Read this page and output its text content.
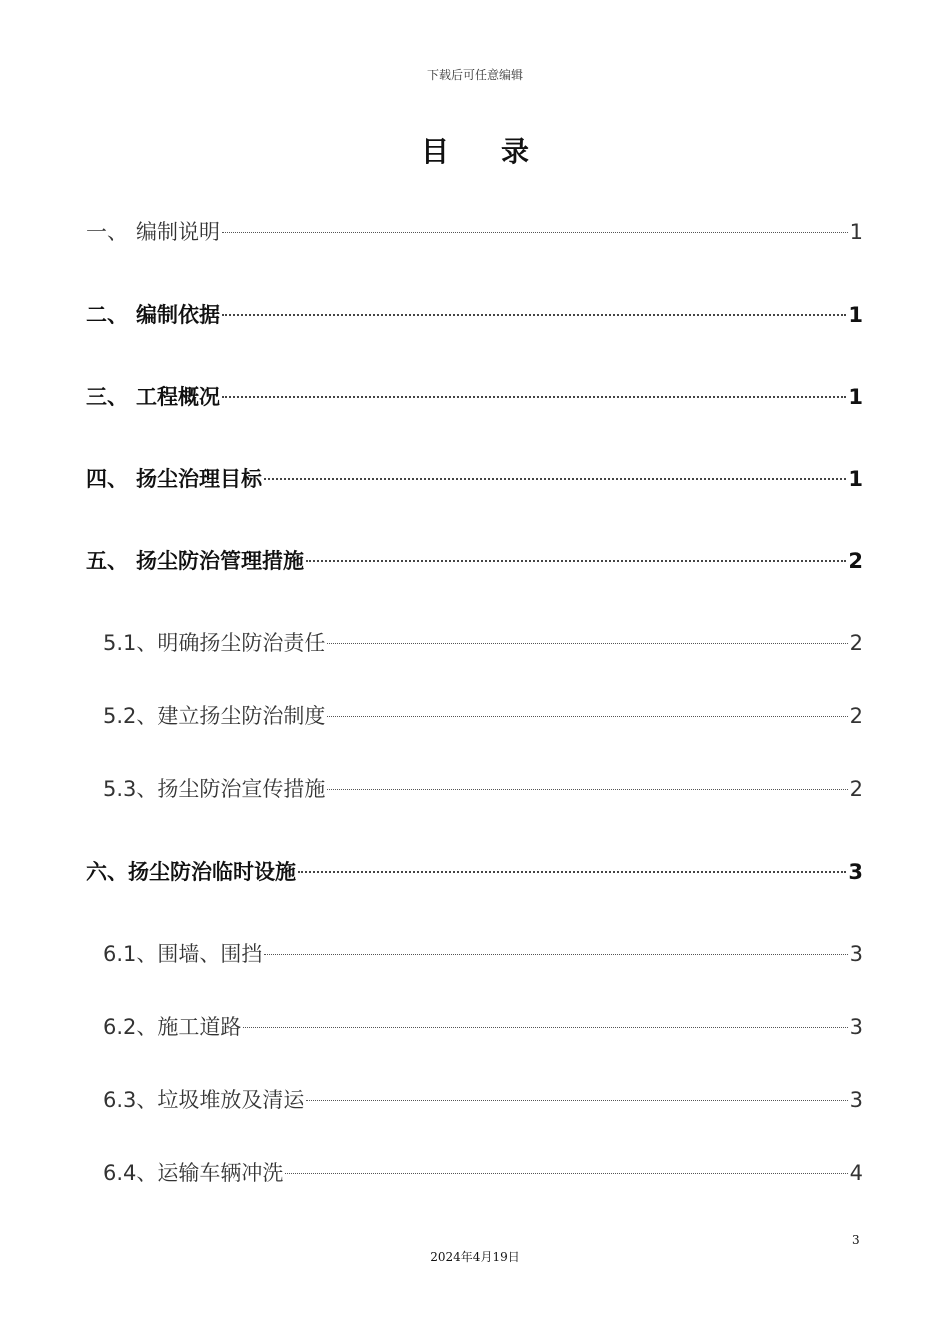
下载后可任意编辑
目 录
一、 编制说明	1
二、 编制依据	1
三、 工程概况	1
四、 扬尘治理目标	1
五、 扬尘防治管理措施	2
5.1、 明确扬尘防治责任	2
5.2、 建立扬尘防治制度	2
5.3、 扬尘防治宣传措施	2
六、 扬尘防治临时设施	3
6.1、 围墙、围挡	3
6.2、 施工道路	3
6.3、 垃圾堆放及清运	3
6.4、 运输车辆冲洗	4
3
2024年4月19日
